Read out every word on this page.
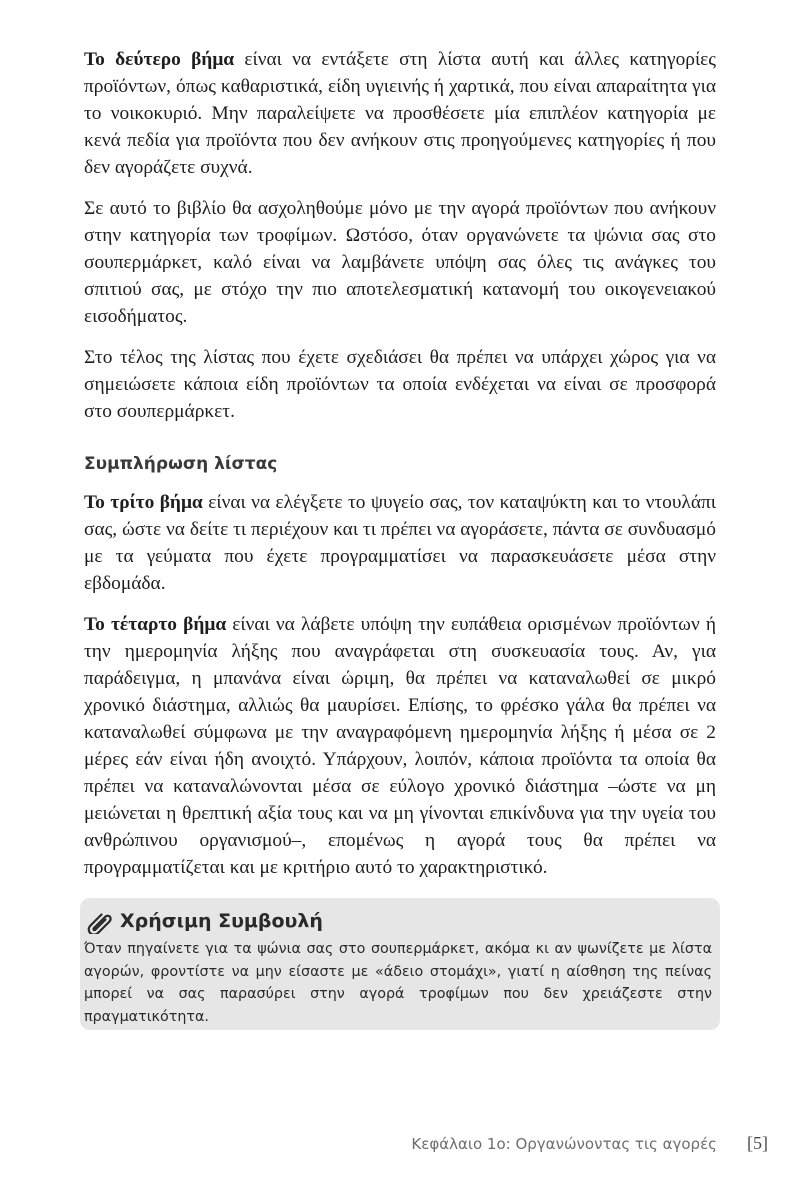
Το δεύτερο βήμα είναι να εντάξετε στη λίστα αυτή και άλλες κατηγορίες προϊόντων, όπως καθαριστικά, είδη υγιεινής ή χαρτικά, που είναι απαραίτητα για το νοικοκυριό. Μην παραλείψετε να προσθέσετε μία επιπλέον κατηγορία με κενά πεδία για προϊόντα που δεν ανήκουν στις προηγούμενες κατηγορίες ή που δεν αγοράζετε συχνά.

Σε αυτό το βιβλίο θα ασχοληθούμε μόνο με την αγορά προϊόντων που ανήκουν στην κατηγορία των τροφίμων. Ωστόσο, όταν οργανώνετε τα ψώνια σας στο σουπερμάρκετ, καλό είναι να λαμβάνετε υπόψη σας όλες τις ανάγκες του σπιτιού σας, με στόχο την πιο αποτελεσματική κατανομή του οικογενειακού εισοδήματος.

Στο τέλος της λίστας που έχετε σχεδιάσει θα πρέπει να υπάρχει χώρος για να σημειώσετε κάποια είδη προϊόντων τα οποία ενδέχεται να είναι σε προσφορά στο σουπερμάρκετ.

Συμπλήρωση λίστας

Το τρίτο βήμα είναι να ελέγξετε το ψυγείο σας, τον καταψύκτη και το ντουλάπι σας, ώστε να δείτε τι περιέχουν και τι πρέπει να αγοράσετε, πάντα σε συνδυασμό με τα γεύματα που έχετε προγραμματίσει να παρασκευάσετε μέσα στην εβδομάδα.

Το τέταρτο βήμα είναι να λάβετε υπόψη την ευπάθεια ορισμένων προϊόντων ή την ημερομηνία λήξης που αναγράφεται στη συσκευασία τους. Αν, για παράδειγμα, η μπανάνα είναι ώριμη, θα πρέπει να καταναλωθεί σε μικρό χρονικό διάστημα, αλλιώς θα μαυρίσει. Επίσης, το φρέσκο γάλα θα πρέπει να καταναλωθεί σύμφωνα με την αναγραφόμενη ημερομηνία λήξης ή μέσα σε 2 μέρες εάν είναι ήδη ανοιχτό. Υπάρχουν, λοιπόν, κάποια προϊόντα τα οποία θα πρέπει να καταναλώνονται μέσα σε εύλογο χρονικό διάστημα –ώστε να μη μειώνεται η θρεπτική αξία τους και να μη γίνονται επικίνδυνα για την υγεία του ανθρώπινου οργανισμού–, επομένως η αγορά τους θα πρέπει να προγραμματίζεται και με κριτήριο αυτό το χαρακτηριστικό.

Χρήσιμη Συμβουλή

Όταν πηγαίνετε για τα ψώνια σας στο σουπερμάρκετ, ακόμα κι αν ψωνίζετε με λίστα αγορών, φροντίστε να μην είσαστε με «άδειο στομάχι», γιατί η αίσθηση της πείνας μπορεί να σας παρασύρει στην αγορά τροφίμων που δεν χρειάζεστε στην πραγματικότητα.

Κεφάλαιο 1ο: Οργανώνοντας τις αγορές [5]
